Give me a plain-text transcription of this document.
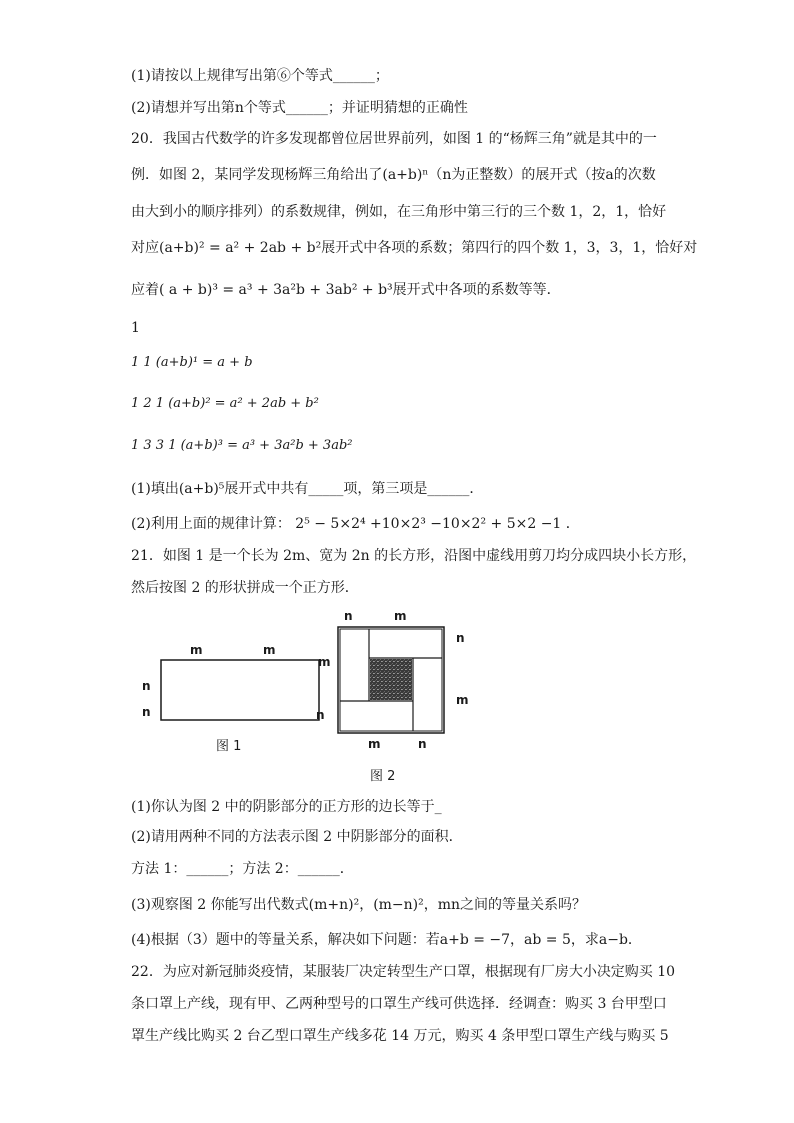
(1)请按以上规律写出第⑥个等式______；
(2)请想并写出第n个等式______；并证明猜想的正确性
20．我国古代数学的许多发现都曾位居世界前列，如图 1 的“杨辉三角”就是其中的一
例．如图 2，某同学发现杨辉三角给出了(a+b)ⁿ（n为正整数）的展开式（按a的次数
由大到小的顺序排列）的系数规律，例如，在三角形中第三行的三个数 1，2，1，恰好
对应(a+b)² = a² + 2ab + b²展开式中各项的系数；第四行的四个数 1，3，3，1，恰好对
应着( a + b)³ = a³ + 3a²b + 3ab² + b³展开式中各项的系数等等．
1
1 1 (a+b)¹ = a + b
1 2 1 (a+b)² = a² + 2ab + b²
1 3 3 1 (a+b)³ = a³ + 3a²b + 3ab²
(1)填出(a+b)⁵展开式中共有_____项，第三项是______．
(2)利用上面的规律计算： 2⁵ − 5×2⁴ +10×2³ −10×2² + 5×2 −1 ．
21．如图 1 是一个长为 2m、宽为 2n 的长方形，沿图中虚线用剪刀均分成四块小长方形，
然后按图 2 的形状拼成一个正方形．
m	m
m
n
n	n
图 1
n	m
n
m
m	n
图 2
(1)你认为图 2 中的阴影部分的正方形的边长等于_
(2)请用两种不同的方法表示图 2 中阴影部分的面积．
方法 1：______；方法 2：______．
(3)观察图 2 你能写出代数式(m+n)²，(m−n)²，mn之间的等量关系吗？
(4)根据（3）题中的等量关系，解决如下问题：若a+b = −7，ab = 5，求a−b．
22．为应对新冠肺炎疫情，某服装厂决定转型生产口罩，根据现有厂房大小决定购买 10
条口罩上产线，现有甲、乙两种型号的口罩生产线可供选择．经调查：购买 3 台甲型口
罩生产线比购买 2 台乙型口罩生产线多花 14 万元，购买 4 条甲型口罩生产线与购买 5
